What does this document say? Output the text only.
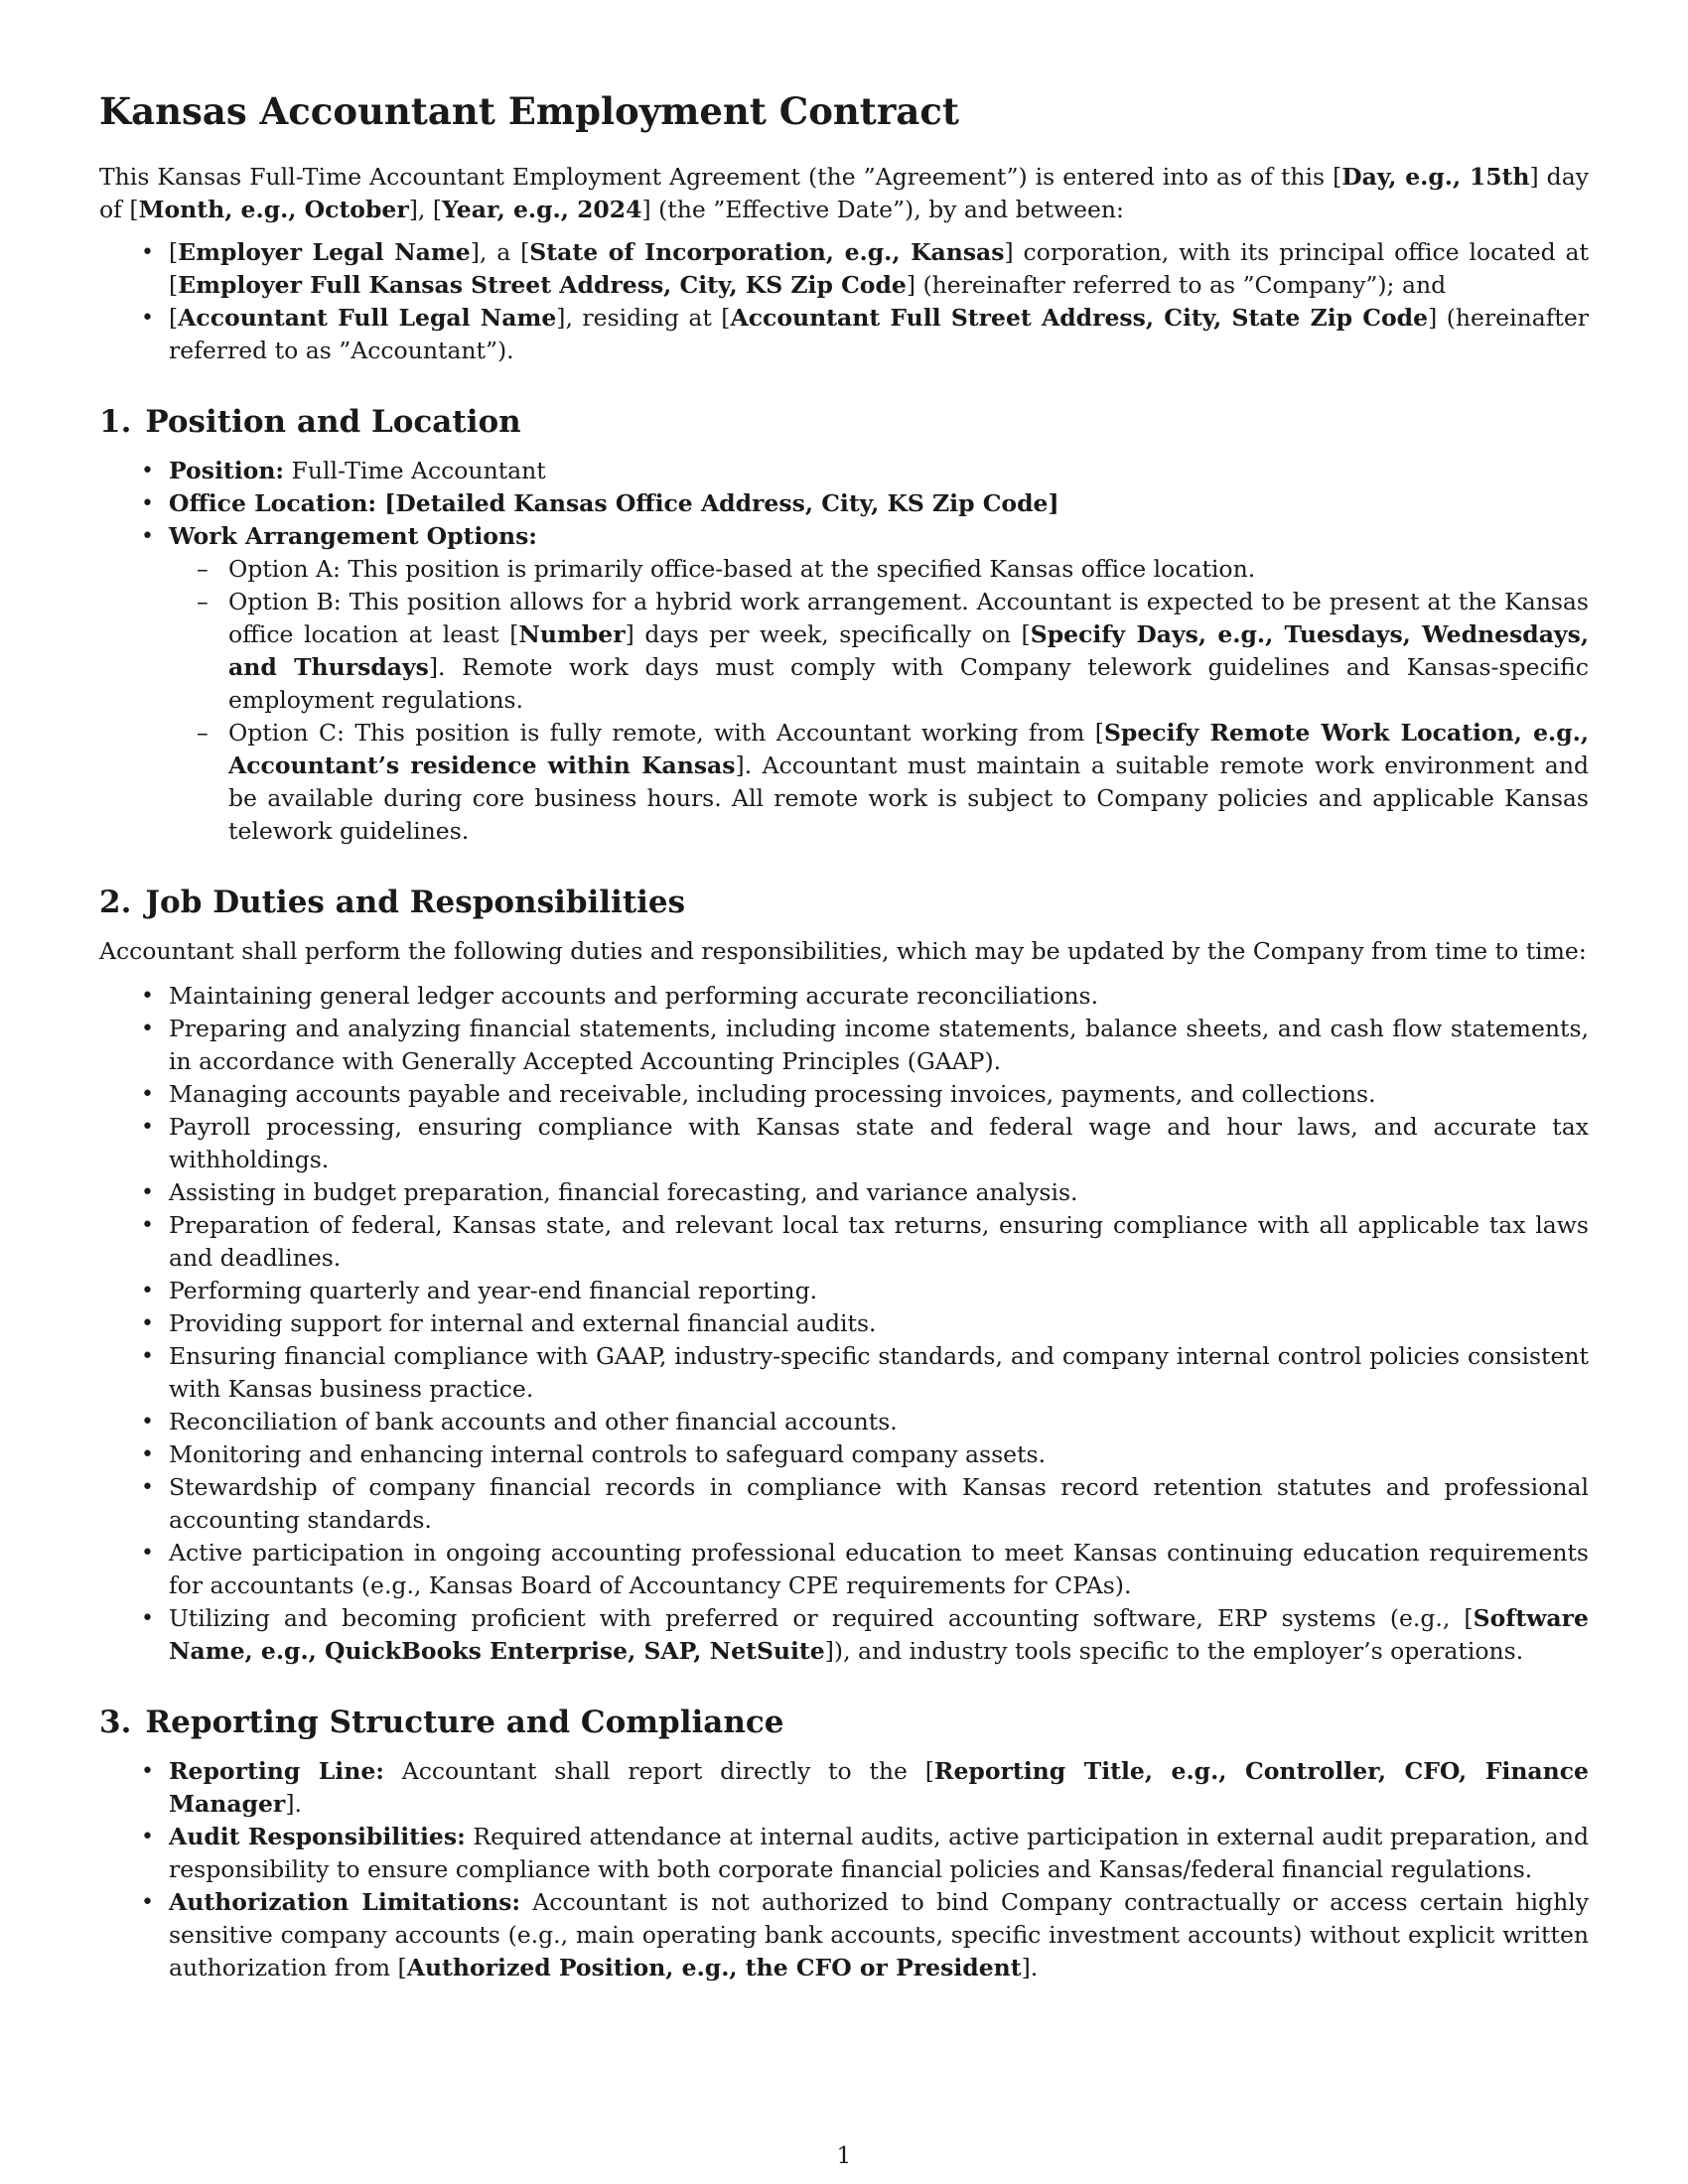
Kansas Accountant Employment Contract

This Kansas Full-Time Accountant Employment Agreement (the ”Agreement”) is entered into as of this [Day, e.g., 15th] day of [Month, e.g., October], [Year, e.g., 2024] (the ”Effective Date”), by and between:

• [Employer Legal Name], a [State of Incorporation, e.g., Kansas] corporation, with its principal office located at [Employer Full Kansas Street Address, City, KS Zip Code] (hereinafter referred to as ”Company”); and
• [Accountant Full Legal Name], residing at [Accountant Full Street Address, City, State Zip Code] (hereinafter referred to as ”Accountant”).
1. Position and Location
• Position: Full-Time Accountant
• Office Location: [Detailed Kansas Office Address, City, KS Zip Code]
• Work Arrangement Options:
– Option A: This position is primarily office-based at the specified Kansas office location.
– Option B: This position allows for a hybrid work arrangement. Accountant is expected to be present at the Kansas office location at least [Number] days per week, specifically on [Specify Days, e.g., Tuesdays, Wednesdays, and Thursdays]. Remote work days must comply with Company telework guidelines and Kansas-specific employment regulations.
– Option C: This position is fully remote, with Accountant working from [Specify Remote Work Location, e.g., Accountant’s residence within Kansas]. Accountant must maintain a suitable remote work environment and be available during core business hours. All remote work is subject to Company policies and applicable Kansas telework guidelines.
2. Job Duties and Responsibilities

Accountant shall perform the following duties and responsibilities, which may be updated by the Company from time to time:

• Maintaining general ledger accounts and performing accurate reconciliations.
• Preparing and analyzing financial statements, including income statements, balance sheets, and cash flow statements, in accordance with Generally Accepted Accounting Principles (GAAP).
• Managing accounts payable and receivable, including processing invoices, payments, and collections.
• Payroll processing, ensuring compliance with Kansas state and federal wage and hour laws, and accurate tax withholdings.
• Assisting in budget preparation, financial forecasting, and variance analysis.
• Preparation of federal, Kansas state, and relevant local tax returns, ensuring compliance with all applicable tax laws and deadlines.
• Performing quarterly and year-end financial reporting.
• Providing support for internal and external financial audits.
• Ensuring financial compliance with GAAP, industry-specific standards, and company internal control policies consistent with Kansas business practice.
• Reconciliation of bank accounts and other financial accounts.
• Monitoring and enhancing internal controls to safeguard company assets.
• Stewardship of company financial records in compliance with Kansas record retention statutes and professional accounting standards.
• Active participation in ongoing accounting professional education to meet Kansas continuing education requirements for accountants (e.g., Kansas Board of Accountancy CPE requirements for CPAs).
• Utilizing and becoming proficient with preferred or required accounting software, ERP systems (e.g., [Software Name, e.g., QuickBooks Enterprise, SAP, NetSuite]), and industry tools specific to the employer’s operations.
3. Reporting Structure and Compliance
• Reporting Line: Accountant shall report directly to the [Reporting Title, e.g., Controller, CFO, Finance Manager].
• Audit Responsibilities: Required attendance at internal audits, active participation in external audit preparation, and responsibility to ensure compliance with both corporate financial policies and Kansas/federal financial regulations.
• Authorization Limitations: Accountant is not authorized to bind Company contractually or access certain highly sensitive company accounts (e.g., main operating bank accounts, specific investment accounts) without explicit written authorization from [Authorized Position, e.g., the CFO or President].
1
